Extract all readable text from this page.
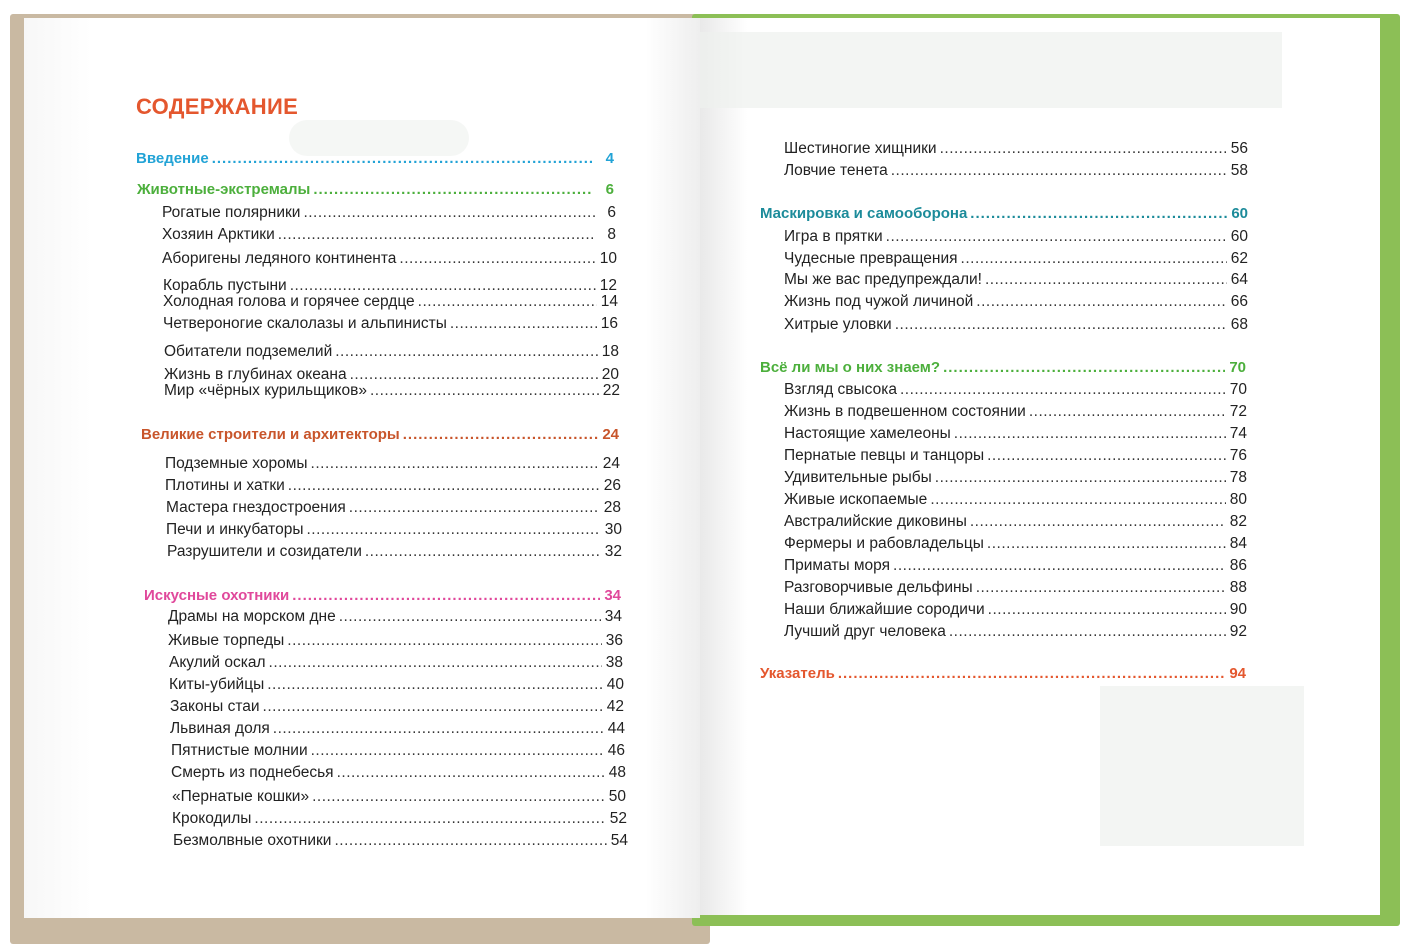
СОДЕРЖАНИЕ
Введение .....	4
Животные-экстремалы .....	6
Рогатые полярники .....	6
Хозяин Арктики .....	8
Аборигены ледяного континента .....	10
Корабль пустыни .....	12
Холодная голова и горячее сердце .....	14
Четвероногие скалолазы и альпинисты .....	16
Обитатели подземелий .....	18
Жизнь в глубинах океана .....	20
Мир «чёрных курильщиков» .....	22
Великие строители и архитекторы .....	24
Подземные хоромы .....	24
Плотины и хатки .....	26
Мастера гнездостроения .....	28
Печи и инкубаторы .....	30
Разрушители и созидатели .....	32
Искусные охотники .....	34
Драмы на морском дне .....	34
Живые торпеды .....	36
Акулий оскал .....	38
Киты-убийцы .....	40
Законы стаи .....	42
Львиная доля .....	44
Пятнистые молнии .....	46
Смерть из поднебесья .....	48
«Пернатые кошки» .....	50
Крокодилы .....	52
Безмолвные охотники .....	54
Шестиногие хищники .....	56
Ловчие тенета .....	58
Маскировка и самооборона .....	60
Игра в прятки .....	60
Чудесные превращения .....	62
Мы же вас предупреждали! .....	64
Жизнь под чужой личиной .....	66
Хитрые уловки .....	68
Всё ли мы о них знаем? .....	70
Взгляд свысока .....	70
Жизнь в подвешенном состоянии .....	72
Настоящие хамелеоны .....	74
Пернатые певцы и танцоры .....	76
Удивительные рыбы .....	78
Живые ископаемые .....	80
Австралийские диковины .....	82
Фермеры и рабовладельцы .....	84
Приматы моря .....	86
Разговорчивые дельфины .....	88
Наши ближайшие сородичи .....	90
Лучший друг человека .....	92
Указатель .....	94
